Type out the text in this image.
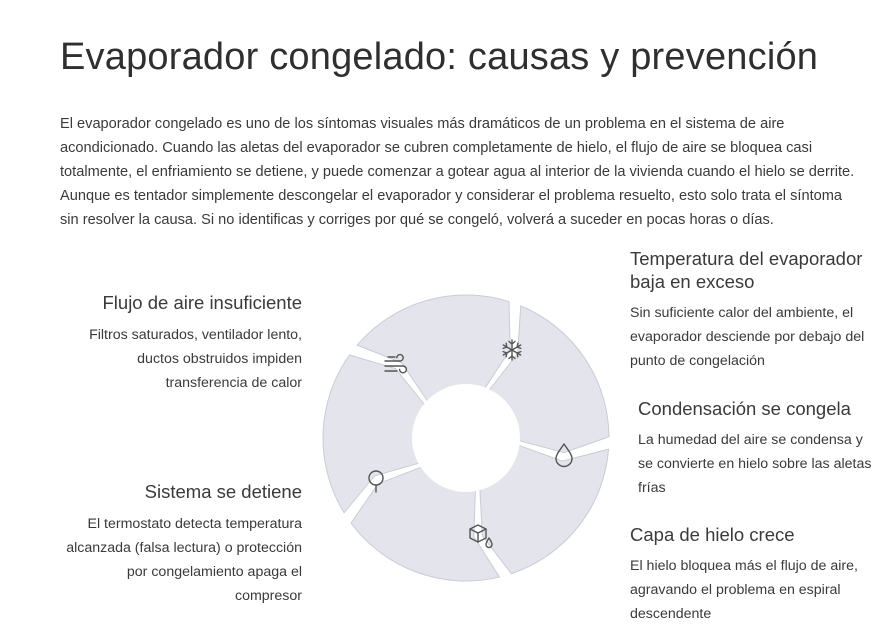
Evaporador congelado: causas y prevención

El evaporador congelado es uno de los síntomas visuales más dramáticos de un problema en el sistema de aire acondicionado. Cuando las aletas del evaporador se cubren completamente de hielo, el flujo de aire se bloquea casi totalmente, el enfriamiento se detiene, y puede comenzar a gotear agua al interior de la vivienda cuando el hielo se derrite. Aunque es tentador simplemente descongelar el evaporador y considerar el problema resuelto, esto solo trata el síntoma sin resolver la causa. Si no identificas y corriges por qué se congeló, volverá a suceder en pocas horas o días.

Temperatura del evaporador baja en exceso

Sin suficiente calor del ambiente, el evaporador desciende por debajo del punto de congelación

Condensación se congela

La humedad del aire se condensa y se convierte en hielo sobre las aletas frías

Capa de hielo crece

El hielo bloquea más el flujo de aire, agravando el problema en espiral descendente

Sistema se detiene

El termostato detecta temperatura alcanzada (falsa lectura) o protección por congelamiento apaga el compresor

Flujo de aire insuficiente

Filtros saturados, ventilador lento, ductos obstruidos impiden transferencia de calor
